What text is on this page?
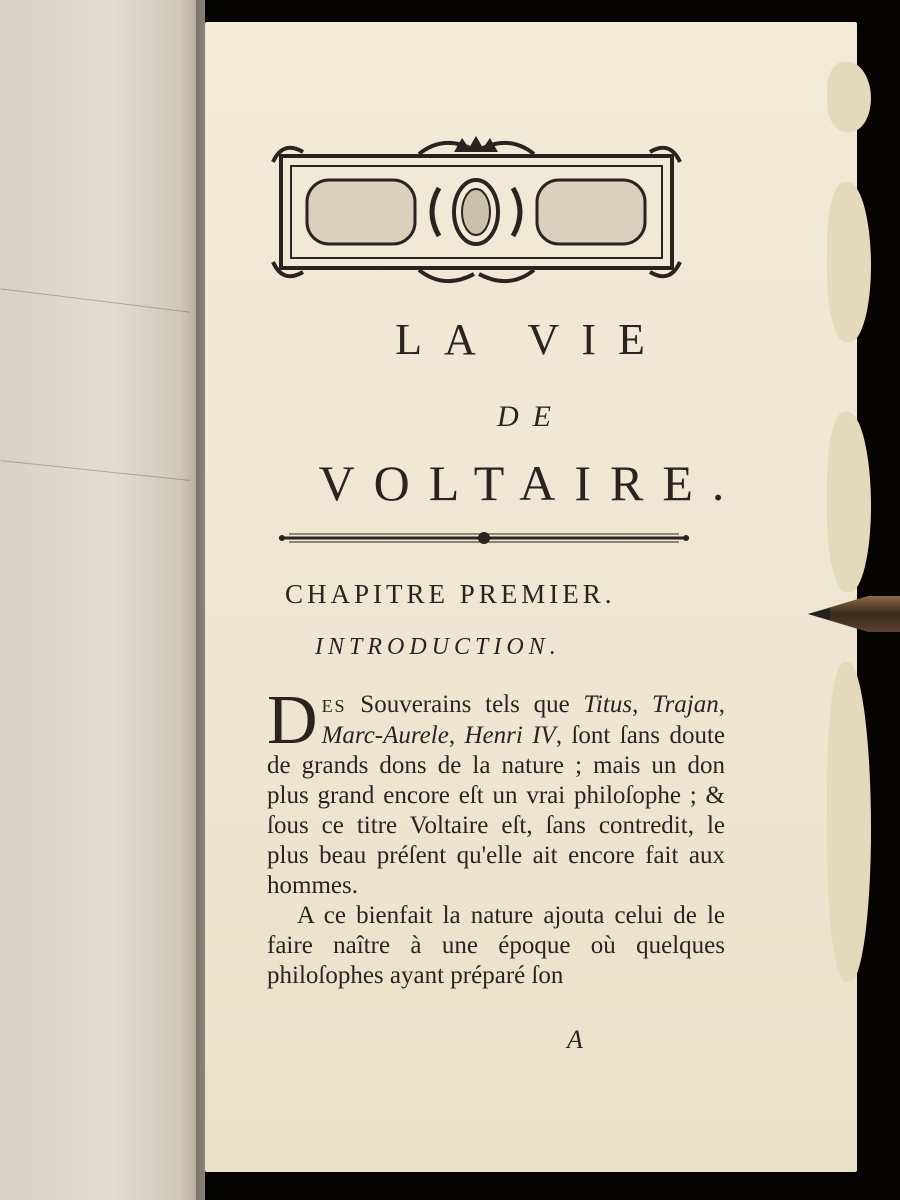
LA VIE
DE
VOLTAIRE.
CHAPITRE PREMIER.
INTRODUCTION.

DES Souverains tels que Titus, Trajan, Marc-Aurele, Henri IV, ſont ſans doute de grands dons de la nature ; mais un don plus grand encore eſt un vrai philoſophe ; & ſous ce titre Voltaire eſt, ſans contredit, le plus beau préſent qu'elle ait encore fait aux hommes.

A ce bienfait la nature ajouta celui de le faire naître à une époque où quelques philoſophes ayant préparé ſon

A
